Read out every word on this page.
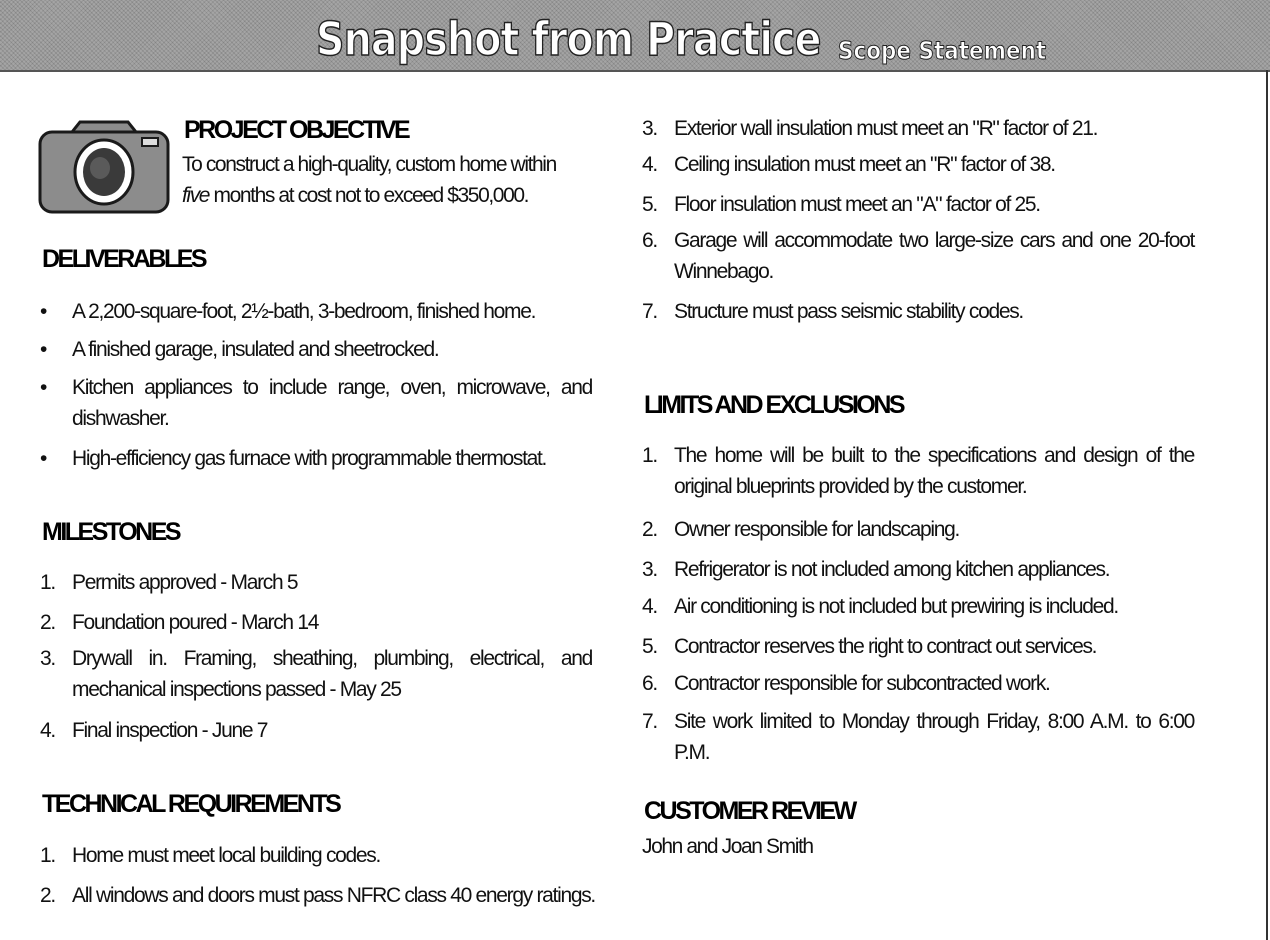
Snapshot from Practice Scope Statement
PROJECT OBJECTIVE
To construct a high-quality, custom home within
five months at cost not to exceed $350,000.
DELIVERABLES
• A 2,200-square-foot, 2½-bath, 3-bedroom, finished home.
• A finished garage, insulated and sheetrocked.
• Kitchen appliances to include range, oven, microwave, and dishwasher.
• High-efficiency gas furnace with programmable thermostat.
MILESTONES
1. Permits approved - March 5
2. Foundation poured - March 14
3. Drywall in. Framing, sheathing, plumbing, electrical, and mechanical inspections passed - May 25
4. Final inspection - June 7
TECHNICAL REQUIREMENTS
1. Home must meet local building codes.
2. All windows and doors must pass NFRC class 40 energy ratings.
3. Exterior wall insulation must meet an "R" factor of 21.
4. Ceiling insulation must meet an "R" factor of 38.
5. Floor insulation must meet an "A" factor of 25.
6. Garage will accommodate two large-size cars and one 20-foot Winnebago.
7. Structure must pass seismic stability codes.
LIMITS AND EXCLUSIONS
1. The home will be built to the specifications and design of the original blueprints provided by the customer.
2. Owner responsible for landscaping.
3. Refrigerator is not included among kitchen appliances.
4. Air conditioning is not included but prewiring is included.
5. Contractor reserves the right to contract out services.
6. Contractor responsible for subcontracted work.
7. Site work limited to Monday through Friday, 8:00 A.M. to 6:00 P.M.
CUSTOMER REVIEW
John and Joan Smith
